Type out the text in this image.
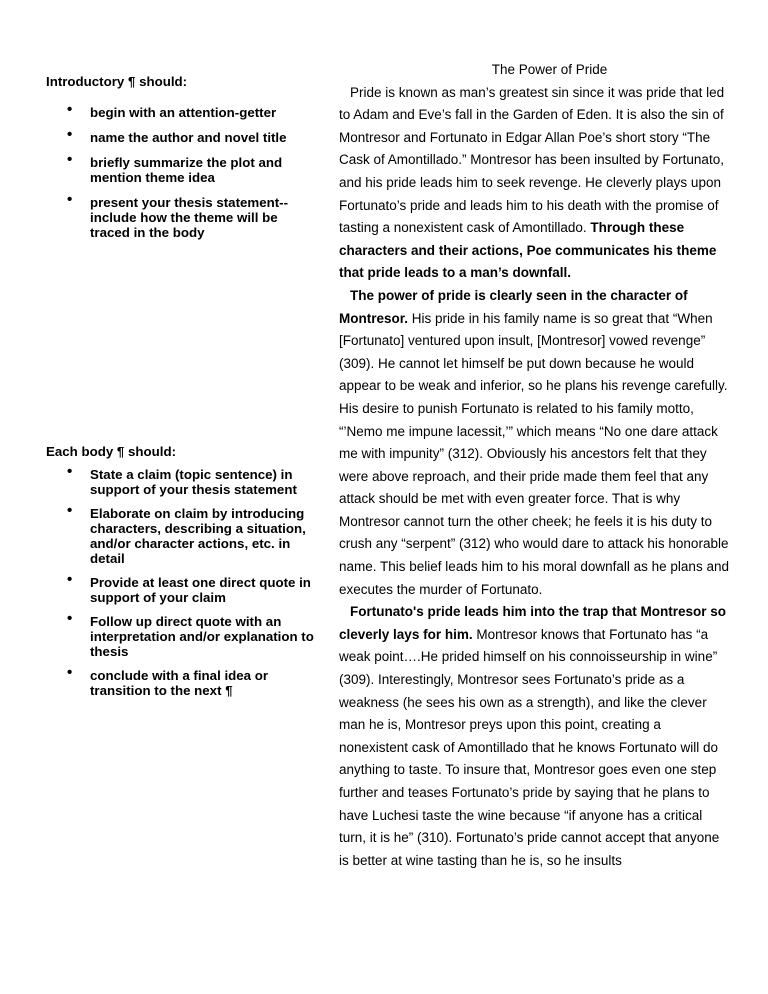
Introductory ¶ should:

• begin with an attention-getter
• name the author and novel title
• briefly summarize the plot and mention theme idea
• present your thesis statement--include how the theme will be traced in the body

Each body ¶ should:

• State a claim (topic sentence) in support of your thesis statement
• Elaborate on claim by introducing characters, describing a situation, and/or character actions, etc. in detail
• Provide at least one direct quote in support of your claim
• Follow up direct quote with an interpretation and/or explanation to thesis
• conclude with a final idea or transition to the next ¶

The Power of Pride

Pride is known as man’s greatest sin since it was pride that led to Adam and Eve’s fall in the Garden of Eden. It is also the sin of Montresor and Fortunato in Edgar Allan Poe’s short story “The Cask of Amontillado.” Montresor has been insulted by Fortunato, and his pride leads him to seek revenge. He cleverly plays upon Fortunato’s pride and leads him to his death with the promise of tasting a nonexistent cask of Amontillado. Through these characters and their actions, Poe communicates his theme that pride leads to a man’s downfall.

The power of pride is clearly seen in the character of Montresor. His pride in his family name is so great that “When [Fortunato] ventured upon insult, [Montresor] vowed revenge” (309). He cannot let himself be put down because he would appear to be weak and inferior, so he plans his revenge carefully. His desire to punish Fortunato is related to his family motto, “’Nemo me impune lacessit,’” which means “No one dare attack me with impunity” (312). Obviously his ancestors felt that they were above reproach, and their pride made them feel that any attack should be met with even greater force. That is why Montresor cannot turn the other cheek; he feels it is his duty to crush any “serpent” (312) who would dare to attack his honorable name. This belief leads him to his moral downfall as he plans and executes the murder of Fortunato.

Fortunato's pride leads him into the trap that Montresor so cleverly lays for him. Montresor knows that Fortunato has “a weak point….He prided himself on his connoisseurship in wine” (309). Interestingly, Montresor sees Fortunato’s pride as a weakness (he sees his own as a strength), and like the clever man he is, Montresor preys upon this point, creating a nonexistent cask of Amontillado that he knows Fortunato will do anything to taste. To insure that, Montresor goes even one step further and teases Fortunato’s pride by saying that he plans to have Luchesi taste the wine because “if anyone has a critical turn, it is he” (310). Fortunato’s pride cannot accept that anyone is better at wine tasting than he is, so he insults
